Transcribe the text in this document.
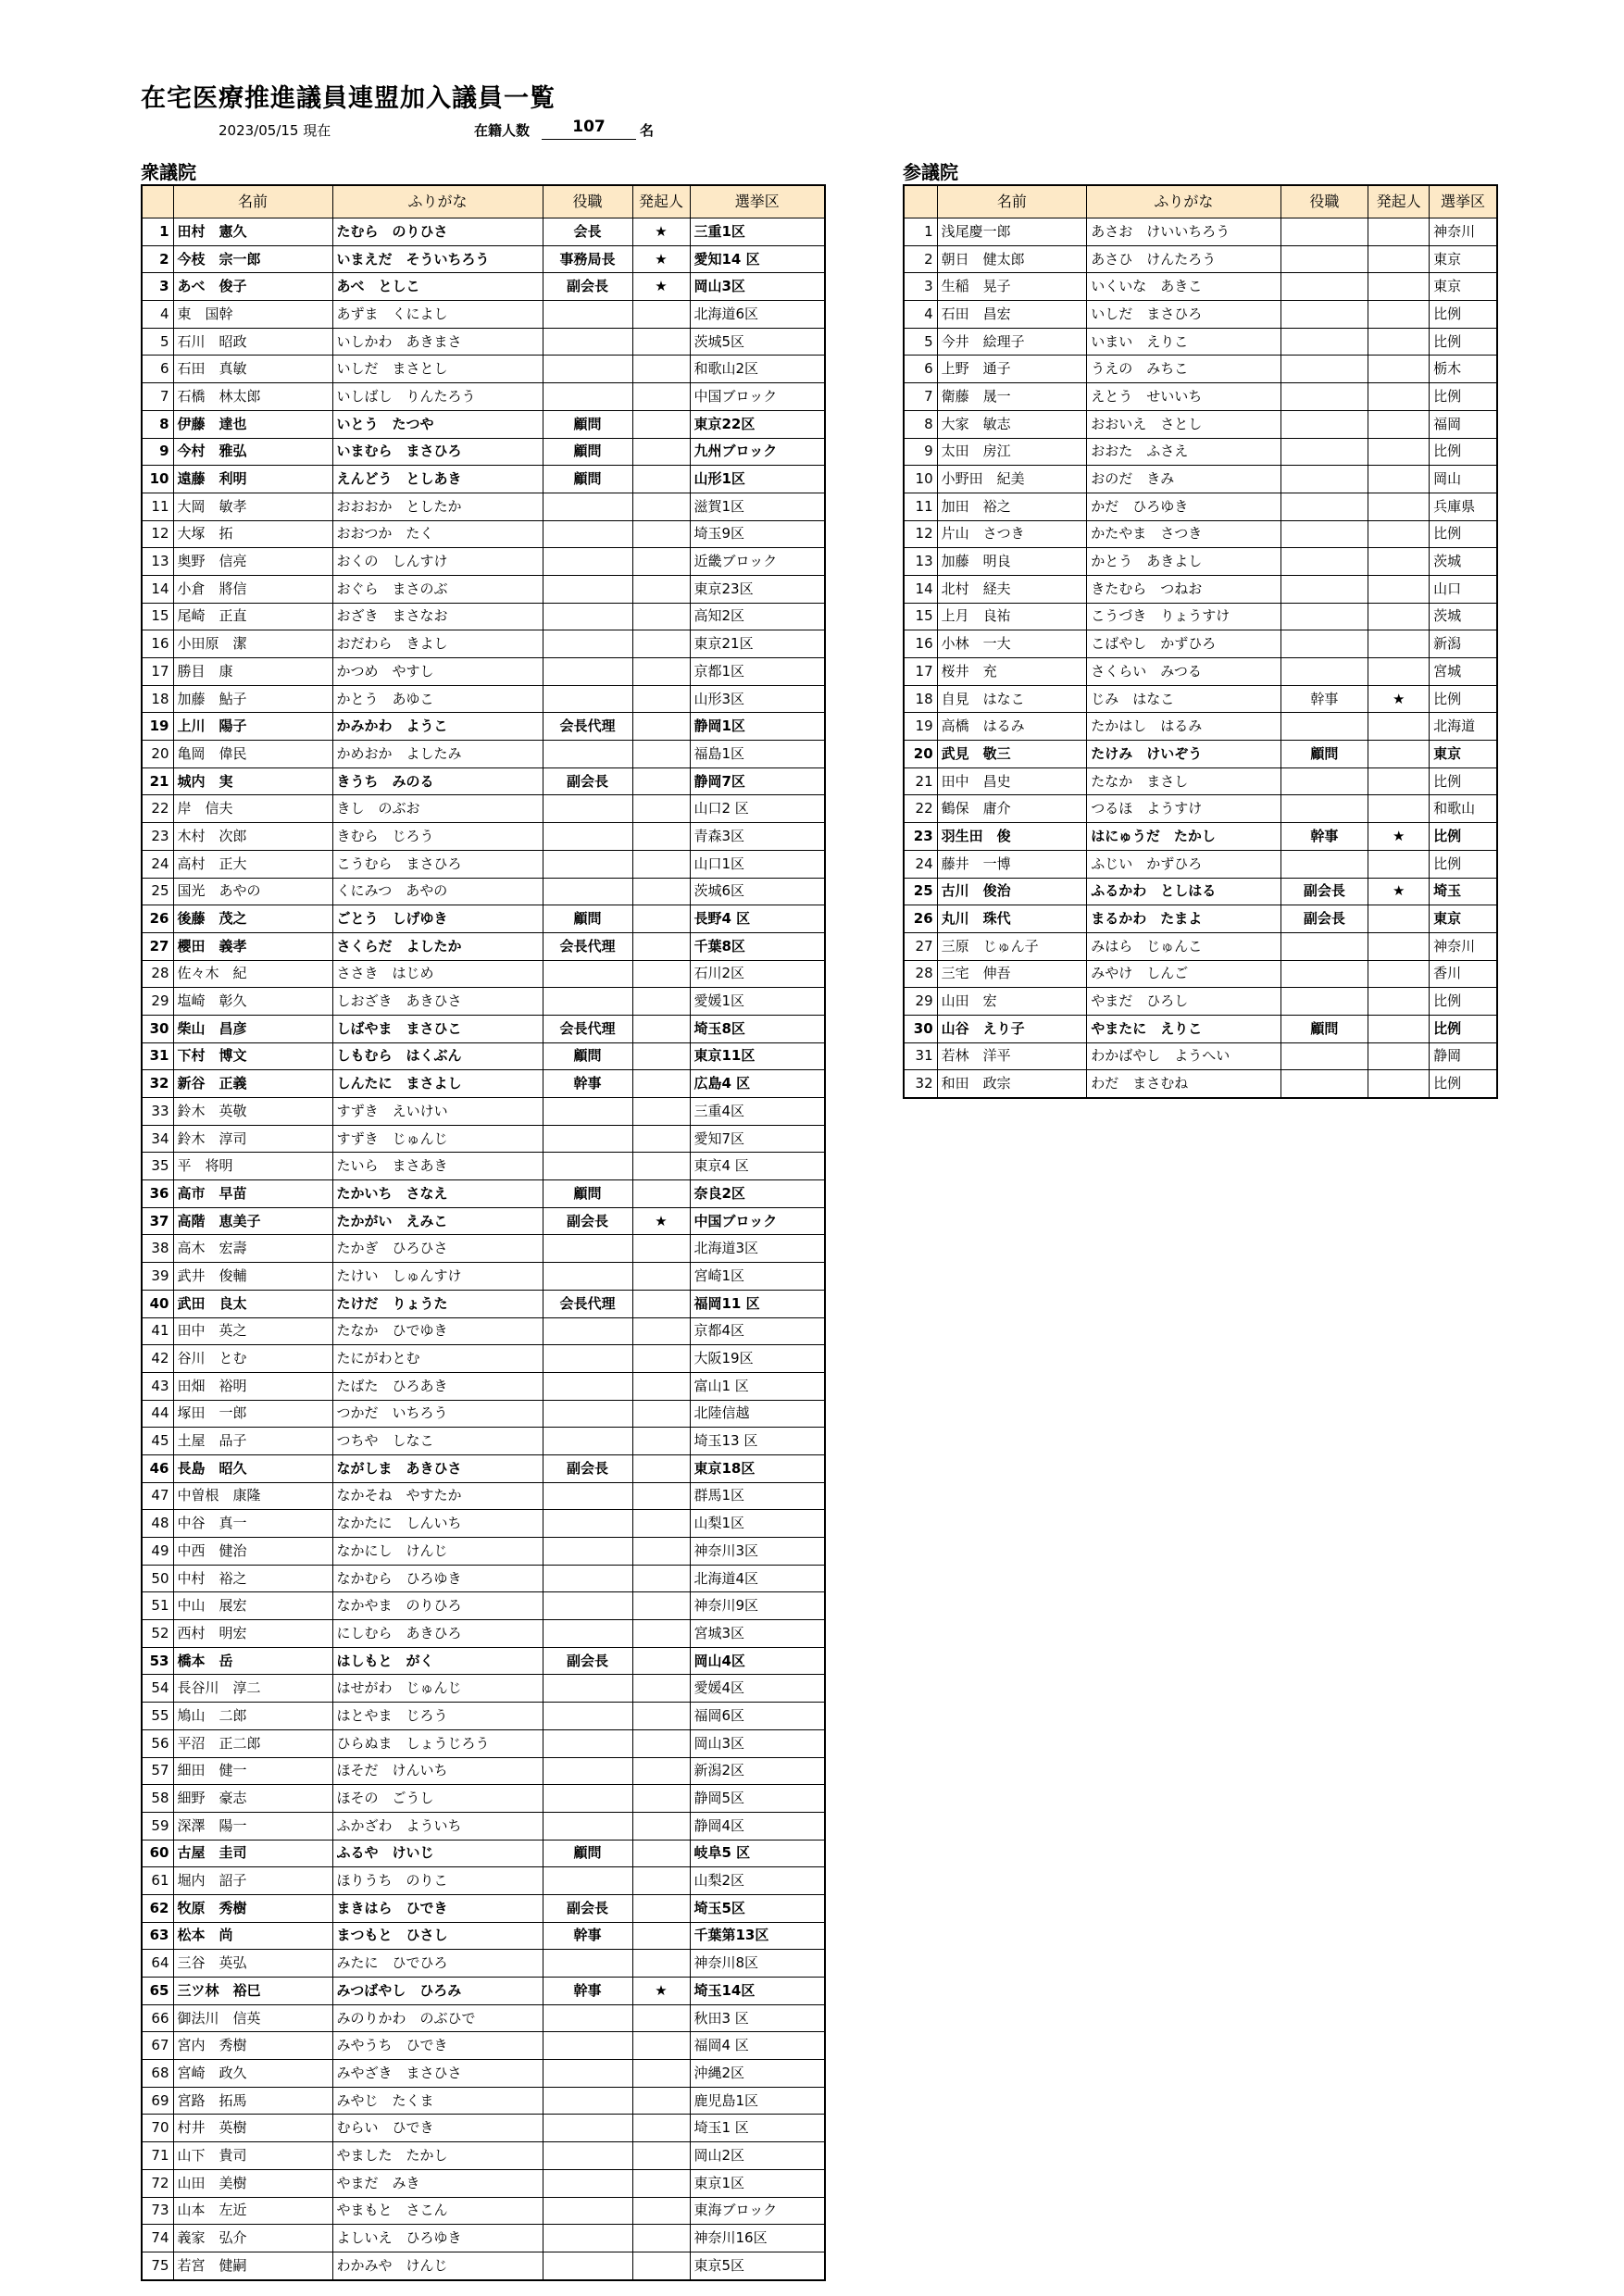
在宅医療推進議員連盟加入議員一覧
2023/05/15 現在	在籍人数	107	名
衆議院	参議院
	名前	ふりがな	役職	発起人	選挙区
1	田村　憲久	たむら　のりひさ	会長	★	三重1区
2	今枝　宗一郎	いまえだ　そういちろう	事務局長	★	愛知14 区
3	あべ　俊子	あべ　としこ	副会長	★	岡山3区
4	東　国幹	あずま　くによし			北海道6区
5	石川　昭政	いしかわ　あきまさ			茨城5区
6	石田　真敏	いしだ　まさとし			和歌山2区
7	石橋　林太郎	いしばし　りんたろう			中国ブロック
8	伊藤　達也	いとう　たつや	顧問		東京22区
9	今村　雅弘	いまむら　まさひろ	顧問		九州ブロック
10	遠藤　利明	えんどう　としあき	顧問		山形1区
11	大岡　敏孝	おおおか　としたか			滋賀1区
12	大塚　拓	おおつか　たく			埼玉9区
13	奥野　信亮	おくの　しんすけ			近畿ブロック
14	小倉　將信	おぐら　まさのぶ			東京23区
15	尾崎　正直	おざき　まさなお			高知2区
16	小田原　潔	おだわら　きよし			東京21区
17	勝目　康	かつめ　やすし			京都1区
18	加藤　鮎子	かとう　あゆこ			山形3区
19	上川　陽子	かみかわ　ようこ	会長代理		静岡1区
20	亀岡　偉民	かめおか　よしたみ			福島1区
21	城内　実	きうち　みのる	副会長		静岡7区
22	岸　信夫	きし　のぶお			山口2 区
23	木村　次郎	きむら　じろう			青森3区
24	高村　正大	こうむら　まさひろ			山口1区
25	国光　あやの	くにみつ　あやの			茨城6区
26	後藤　茂之	ごとう　しげゆき	顧問		長野4 区
27	櫻田　義孝	さくらだ　よしたか	会長代理		千葉8区
28	佐々木　紀	ささき　はじめ			石川2区
29	塩崎　彰久	しおざき　あきひさ			愛媛1区
30	柴山　昌彦	しばやま　まさひこ	会長代理		埼玉8区
31	下村　博文	しもむら　はくぶん	顧問		東京11区
32	新谷　正義	しんたに　まさよし	幹事		広島4 区
33	鈴木　英敬	すずき　えいけい			三重4区
34	鈴木　淳司	すずき　じゅんじ			愛知7区
35	平　将明	たいら　まさあき			東京4 区
36	高市　早苗	たかいち　さなえ	顧問		奈良2区
37	高階　恵美子	たかがい　えみこ	副会長	★	中国ブロック
38	高木　宏壽	たかぎ　ひろひさ			北海道3区
39	武井　俊輔	たけい　しゅんすけ			宮崎1区
40	武田　良太	たけだ　りょうた	会長代理		福岡11 区
41	田中　英之	たなか　ひでゆき			京都4区
42	谷川　とむ	たにがわとむ			大阪19区
43	田畑　裕明	たばた　ひろあき			富山1 区
44	塚田　一郎	つかだ　いちろう			北陸信越
45	土屋　品子	つちや　しなこ			埼玉13 区
46	長島　昭久	ながしま　あきひさ	副会長		東京18区
47	中曽根　康隆	なかそね　やすたか			群馬1区
48	中谷　真一	なかたに　しんいち			山梨1区
49	中西　健治	なかにし　けんじ			神奈川3区
50	中村　裕之	なかむら　ひろゆき			北海道4区
51	中山　展宏	なかやま　のりひろ			神奈川9区
52	西村　明宏	にしむら　あきひろ			宮城3区
53	橋本　岳	はしもと　がく	副会長		岡山4区
54	長谷川　淳二	はせがわ　じゅんじ			愛媛4区
55	鳩山　二郎	はとやま　じろう			福岡6区
56	平沼　正二郎	ひらぬま　しょうじろう			岡山3区
57	細田　健一	ほそだ　けんいち			新潟2区
58	細野　豪志	ほその　ごうし			静岡5区
59	深澤　陽一	ふかざわ　よういち			静岡4区
60	古屋　圭司	ふるや　けいじ	顧問		岐阜5 区
61	堀内　詔子	ほりうち　のりこ			山梨2区
62	牧原　秀樹	まきはら　ひでき	副会長		埼玉5区
63	松本　尚	まつもと　ひさし	幹事		千葉第13区
64	三谷　英弘	みたに　ひでひろ			神奈川8区
65	三ツ林　裕巳	みつばやし　ひろみ	幹事	★	埼玉14区
66	御法川　信英	みのりかわ　のぶひで			秋田3 区
67	宮内　秀樹	みやうち　ひでき			福岡4 区
68	宮崎　政久	みやざき　まさひさ			沖縄2区
69	宮路　拓馬	みやじ　たくま			鹿児島1区
70	村井　英樹	むらい　ひでき			埼玉1 区
71	山下　貴司	やました　たかし			岡山2区
72	山田　美樹	やまだ　みき			東京1区
73	山本　左近	やまもと　さこん			東海ブロック
74	義家　弘介	よしいえ　ひろゆき			神奈川16区
75	若宮　健嗣	わかみや　けんじ			東京5区
	名前	ふりがな	役職	発起人	選挙区
1	浅尾慶一郎	あさお　けいいちろう			神奈川
2	朝日　健太郎	あさひ　けんたろう			東京
3	生稲　晃子	いくいな　あきこ			東京
4	石田　昌宏	いしだ　まさひろ			比例
5	今井　絵理子	いまい　えりこ			比例
6	上野　通子	うえの　みちこ			栃木
7	衛藤　晟一	えとう　せいいち			比例
8	大家　敏志	おおいえ　さとし			福岡
9	太田　房江	おおた　ふさえ			比例
10	小野田　紀美	おのだ　きみ			岡山
11	加田　裕之	かだ　ひろゆき			兵庫県
12	片山　さつき	かたやま　さつき			比例
13	加藤　明良	かとう　あきよし			茨城
14	北村　経夫	きたむら　つねお			山口
15	上月　良祐	こうづき　りょうすけ			茨城
16	小林　一大	こばやし　かずひろ			新潟
17	桜井　充	さくらい　みつる			宮城
18	自見　はなこ	じみ　はなこ	幹事	★	比例
19	高橋　はるみ	たかはし　はるみ			北海道
20	武見　敬三	たけみ　けいぞう	顧問		東京
21	田中　昌史	たなか　まさし			比例
22	鶴保　庸介	つるほ　ようすけ			和歌山
23	羽生田　俊	はにゅうだ　たかし	幹事	★	比例
24	藤井　一博	ふじい　かずひろ			比例
25	古川　俊治	ふるかわ　としはる	副会長	★	埼玉
26	丸川　珠代	まるかわ　たまよ	副会長		東京
27	三原　じゅん子	みはら　じゅんこ			神奈川
28	三宅　伸吾	みやけ　しんご			香川
29	山田　宏	やまだ　ひろし			比例
30	山谷　えり子	やまたに　えりこ	顧問		比例
31	若林　洋平	わかばやし　ようへい			静岡
32	和田　政宗	わだ　まさむね			比例
